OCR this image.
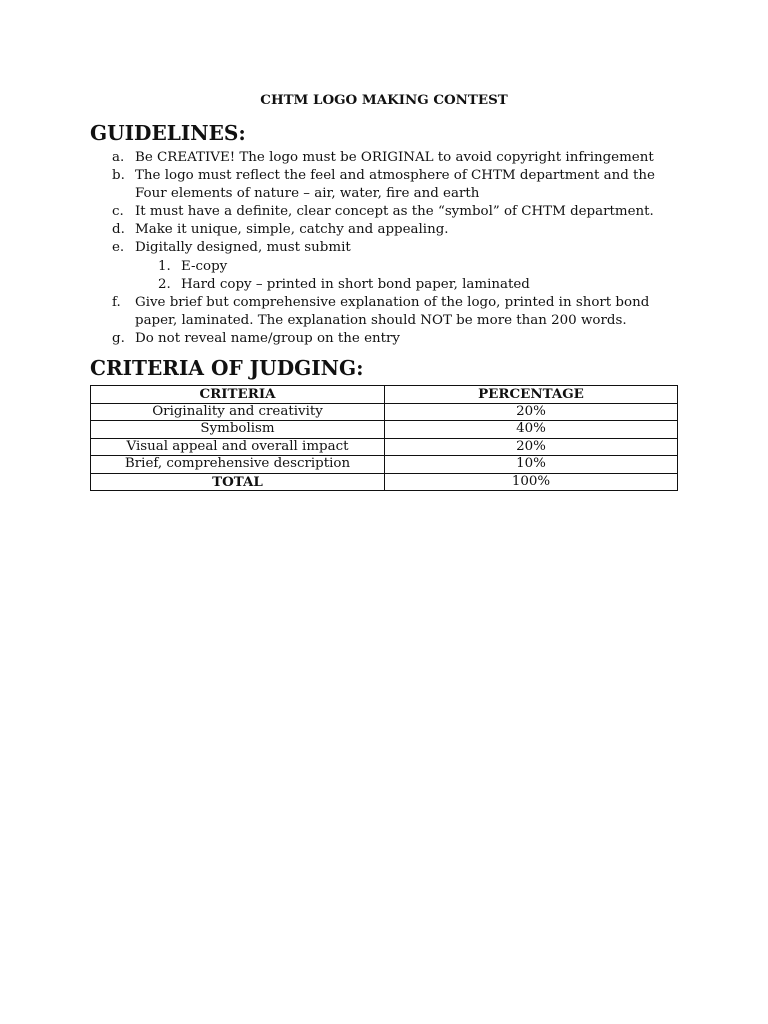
CHTM LOGO MAKING CONTEST
GUIDELINES:
a. Be CREATIVE! The logo must be ORIGINAL to avoid copyright infringement
b. The logo must reflect the feel and atmosphere of CHTM department and the Four elements of nature – air, water, fire and earth
c. It must have a definite, clear concept as the “symbol” of CHTM department.
d. Make it unique, simple, catchy and appealing.
e. Digitally designed, must submit
1. E-copy
2. Hard copy – printed in short bond paper, laminated
f. Give brief but comprehensive explanation of the logo, printed in short bond paper, laminated. The explanation should NOT be more than 200 words.
g. Do not reveal name/group on the entry
CRITERIA OF JUDGING:
CRITERIA	PERCENTAGE
Originality and creativity	20%
Symbolism	40%
Visual appeal and overall impact	20%
Brief, comprehensive description	10%
TOTAL	100%
